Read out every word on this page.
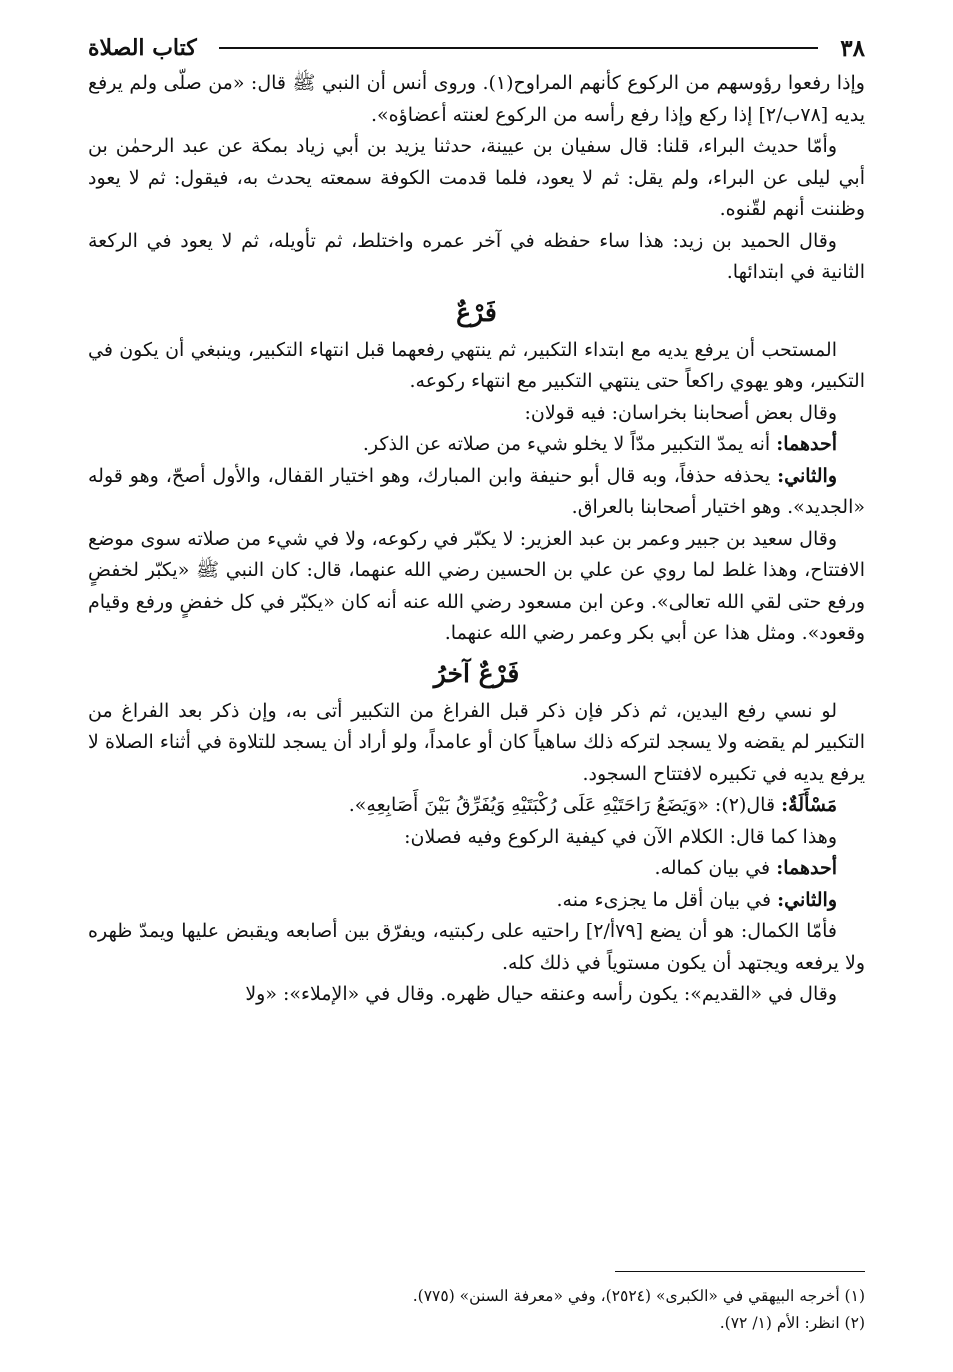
٣٨
كتاب الصلاة

وإذا رفعوا رؤوسهم من الركوع كأنهم المراوح(١). وروى أنس أن النبي ﷺ قال: «من صلّى ولم يرفع يديه [٧٨ب/٢] إذا ركع وإذا رفع رأسه من الركوع لعنته أعضاؤه».

وأمّا حديث البراء، قلنا: قال سفيان بن عيينة، حدثنا يزيد بن أبي زياد بمكة عن عبد الرحمٰن بن أبي ليلى عن البراء، ولم يقل: ثم لا يعود، فلما قدمت الكوفة سمعته يحدث به، فيقول: ثم لا يعود وظننت أنهم لقّنوه.

وقال الحميد بن زيد: هذا ساء حفظه في آخر عمره واختلط، ثم تأويله، ثم لا يعود في الركعة الثانية في ابتدائها.

فَرْعٌ

المستحب أن يرفع يديه مع ابتداء التكبير، ثم ينتهي رفعهما قبل انتهاء التكبير، وينبغي أن يكون في التكبير، وهو يهوي راكعاً حتى ينتهي التكبير مع انتهاء ركوعه.

وقال بعض أصحابنا بخراسان: فيه قولان:

أحدهما: أنه يمدّ التكبير مدّاً لا يخلو شيء من صلاته عن الذكر.

والثاني: يحذفه حذفاً، وبه قال أبو حنيفة وابن المبارك، وهو اختيار القفال، والأول أصحّ، وهو قوله «الجديد». وهو اختيار أصحابنا بالعراق.

وقال سعيد بن جبير وعمر بن عبد العزير: لا يكبّر في ركوعه، ولا في شيء من صلاته سوى موضع الافتتاح، وهذا غلط لما روي عن علي بن الحسين رضي الله عنهما، قال: كان النبي ﷺ «يكبّر لخفضٍ ورفع حتى لقي الله تعالى». وعن ابن مسعود رضي الله عنه أنه كان «يكبّر في كل خفضٍ ورفع وقيام وقعود». ومثل هذا عن أبي بكر وعمر رضي الله عنهما.

فَرْعٌ آخرُ

لو نسي رفع اليدين، ثم ذكر فإن ذكر قبل الفراغ من التكبير أتى به، وإن ذكر بعد الفراغ من التكبير لم يقضه ولا يسجد لتركه ذلك ساهياً كان أو عامداً، ولو أراد أن يسجد للتلاوة في أثناء الصلاة لا يرفع يديه في تكبيره لافتتاح السجود.

مَسْأَلَةٌ: قال(٢): «وَيَضَعُ رَاحَتَيْهِ عَلَى رُكْبَتَيْهِ وَيُفَرِّقُ بَيْنَ أَصَابِعِهِ».

وهذا كما قال: الكلام الآن في كيفية الركوع وفيه فصلان:

أحدهما: في بيان كماله.

والثاني: في بيان أقل ما يجزىء منه.

فأمّا الكمال: هو أن يضع [٧٩أ/٢] راحتيه على ركبتيه، ويفرّق بين أصابعه ويقبض عليها ويمدّ ظهره ولا يرفعه ويجتهد أن يكون مستوياً في ذلك كله.

وقال في «القديم»: يكون رأسه وعنقه حيال ظهره. وقال في «الإملاء»: «ولا

(١) أخرجه البيهقي في «الكبرى» (٢٥٢٤)، وفي «معرفة السنن» (٧٧٥).

(٢) انظر: الأم (١/ ٧٢).
